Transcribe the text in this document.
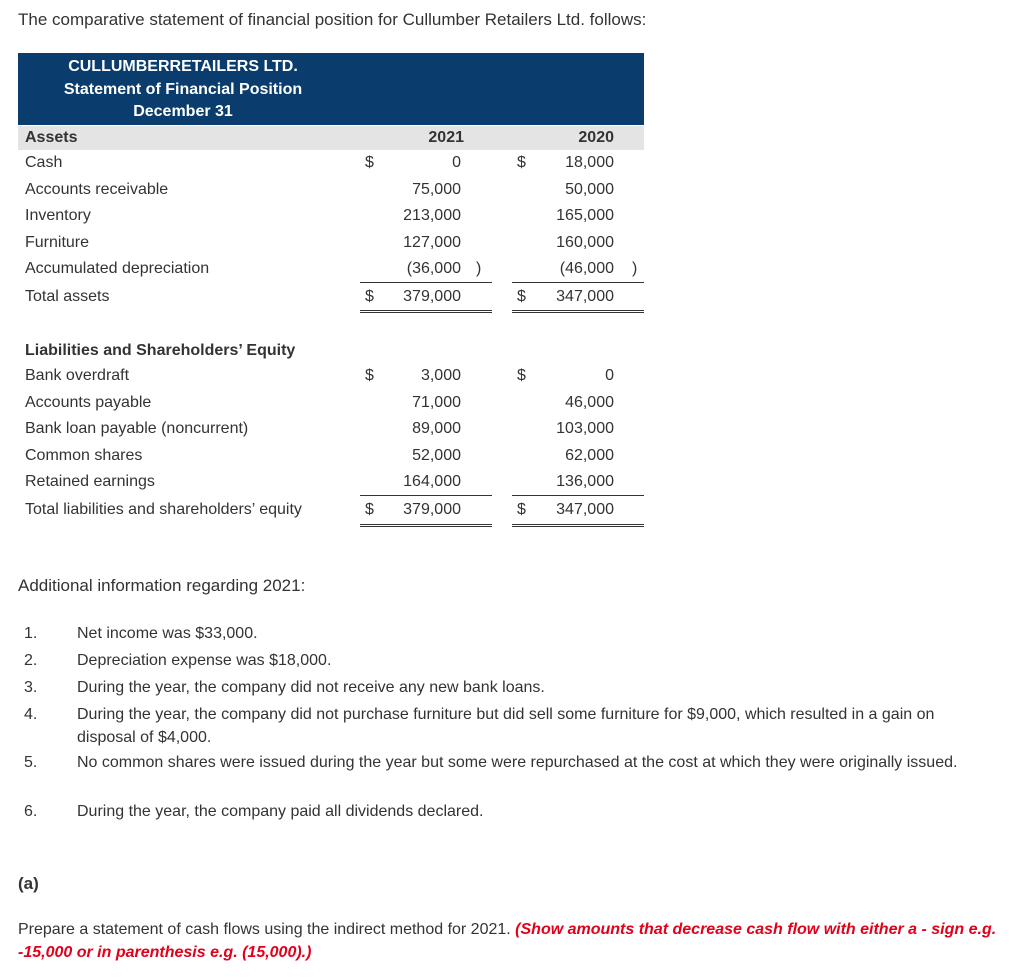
The comparative statement of financial position for Cullumber Retailers Ltd. follows:
CULLUMBERRETAILERS LTD.
Statement of Financial Position
December 31
Assets	2021	2020
Cash	$	0	$ 18,000
Accounts receivable	75,000	50,000
Inventory	213,000	165,000
Furniture	127,000	160,000
Accumulated depreciation	(36,000 )	(46,000 )
Total assets	$ 379,000	$ 347,000
Liabilities and Shareholders’ Equity
Bank overdraft	$	3,000	$	0
Accounts payable	71,000	46,000
Bank loan payable (noncurrent)	89,000	103,000
Common shares	52,000	62,000
Retained earnings	164,000	136,000
Total liabilities and shareholders’ equity	$ 379,000	$ 347,000
Additional information regarding 2021:
1. Net income was $33,000.
2. Depreciation expense was $18,000.
3. During the year, the company did not receive any new bank loans.
4. During the year, the company did not purchase furniture but did sell some furniture for $9,000, which resulted in a gain on disposal of $4,000.
5. No common shares were issued during the year but some were repurchased at the cost at which they were originally issued.
6. During the year, the company paid all dividends declared.
(a)
Prepare a statement of cash flows using the indirect method for 2021. (Show amounts that decrease cash flow with either a - sign e.g. -15,000 or in parenthesis e.g. (15,000).)
